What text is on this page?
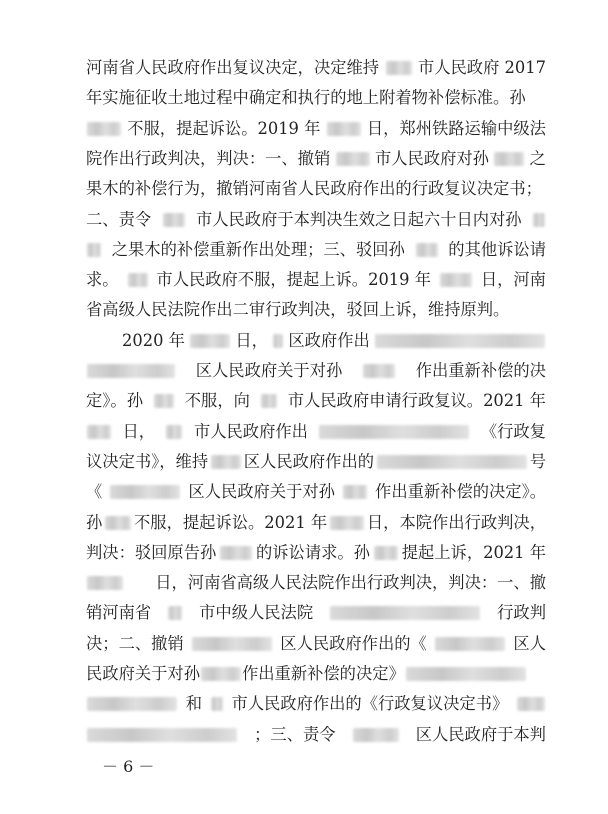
河南省人民政府作出复议决定，决定维持 市人民政府 2017
年实施征收土地过程中确定和执行的地上附着物补偿标准。孙
不服，提起诉讼。2019 年	日，郑州铁路运输中级法
院作出行政判决，判决：一、撤销	市人民政府对孙 之
果木的补偿行为，撤销河南省人民政府作出的行政复议决定书；
二、责令	市人民政府于本判决生效之日起六十日内对孙
之果木的补偿重新作出处理；三、驳回孙	的其他诉讼请
求。 市人民政府不服，提起上诉。2019 年	日，河南
省高级人民法院作出二审行政判决，驳回上诉，维持原判。
2020 年	日， 区政府作出
区人民政府关于对孙	作出重新补偿的决
定》。孙	不服，向 市人民政府申请行政复议。2021 年
日， 市人民政府作出	《行政复
议决定书》，维持 区人民政府作出的	号
《	区人民政府关于对孙 作出重新补偿的决定》。
孙 不服，提起诉讼。2021 年 日，本院作出行政判决，
判决：驳回原告孙 的诉讼请求。孙 提起上诉，2021 年
日，河南省高级人民法院作出行政判决，判决：一、撤
销河南省	市中级人民法院	行政判
决；二、撤销	区人民政府作出的《	区人
民政府关于对孙	作出重新补偿的决定》
和 市人民政府作出的《行政复议决定书》
；三、责令	区人民政府于本判
－ 6 －
